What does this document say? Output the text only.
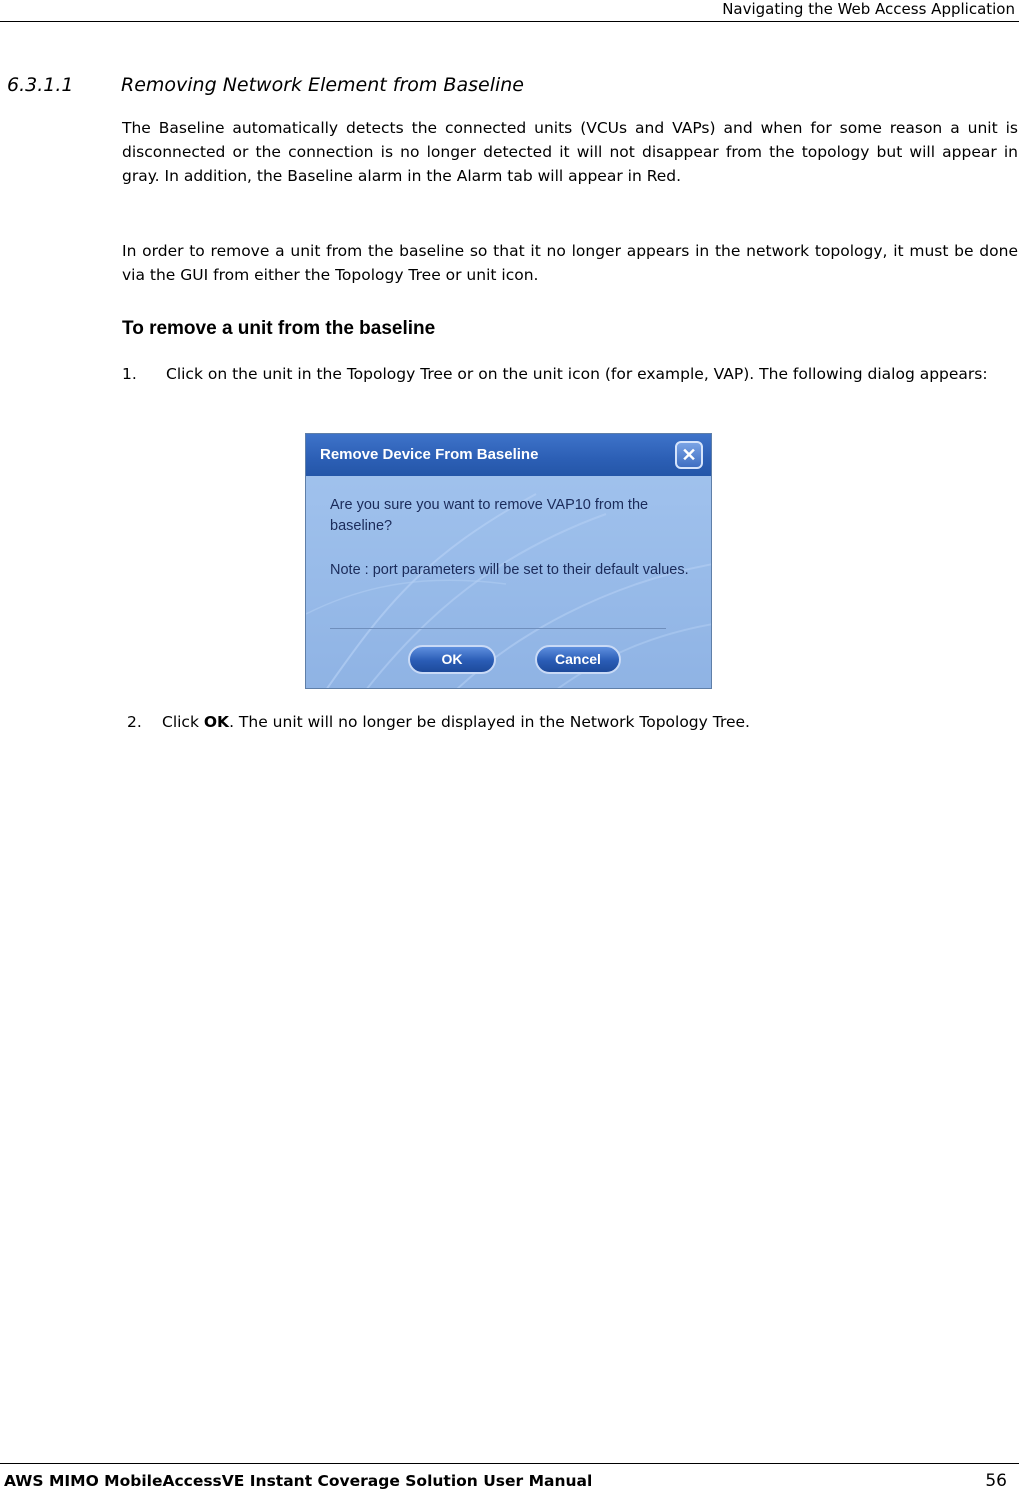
Navigating the Web Access Application
6.3.1.1	Removing Network Element from Baseline
The Baseline automatically detects the connected units (VCUs and VAPs) and when for some reason a unit is disconnected or the connection is no longer detected it will not disappear from the topology but will appear in gray. In addition, the Baseline alarm in the Alarm tab will appear in Red.
In order to remove a unit from the baseline so that it no longer appears in the network topology, it must be done via the GUI from either the Topology Tree or unit icon.
To remove a unit from the baseline
1. Click on the unit in the Topology Tree or on the unit icon (for example, VAP). The following dialog appears:
Remove Device From Baseline	✕
Are you sure you want to remove VAP10 from the baseline?
Note : port parameters will be set to their default values.
OK	Cancel
2. Click OK. The unit will no longer be displayed in the Network Topology Tree.
AWS MIMO MobileAccessVE Instant Coverage Solution User Manual	56
